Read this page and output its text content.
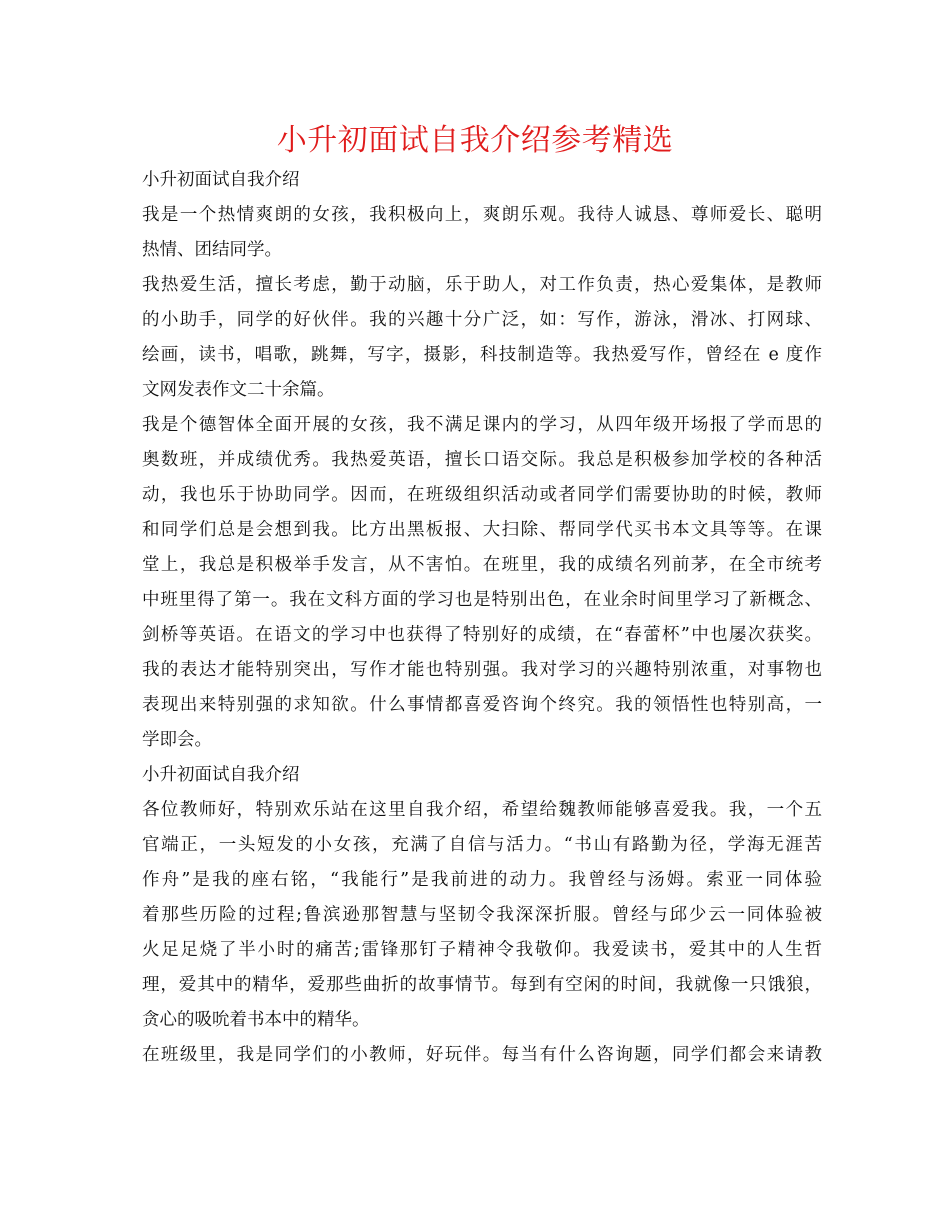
小升初面试自我介绍参考精选
小升初面试自我介绍
我是一个热情爽朗的女孩，我积极向上，爽朗乐观。我待人诚恳、尊师爱长、聪明
热情、团结同学。
我热爱生活，擅长考虑，勤于动脑，乐于助人，对工作负责，热心爱集体，是教师
的小助手，同学的好伙伴。我的兴趣十分广泛，如：写作，游泳，滑冰、打网球、
绘画，读书，唱歌，跳舞，写字，摄影，科技制造等。我热爱写作，曾经在 e 度作
文网发表作文二十余篇。
我是个德智体全面开展的女孩，我不满足课内的学习，从四年级开场报了学而思的
奥数班，并成绩优秀。我热爱英语，擅长口语交际。我总是积极参加学校的各种活
动，我也乐于协助同学。因而，在班级组织活动或者同学们需要协助的时候，教师
和同学们总是会想到我。比方出黑板报、大扫除、帮同学代买书本文具等等。在课
堂上，我总是积极举手发言，从不害怕。在班里，我的成绩名列前茅，在全市统考
中班里得了第一。我在文科方面的学习也是特别出色，在业余时间里学习了新概念、
剑桥等英语。在语文的学习中也获得了特别好的成绩，在“春蕾杯”中也屡次获奖。
我的表达才能特别突出，写作才能也特别强。我对学习的兴趣特别浓重，对事物也
表现出来特别强的求知欲。什么事情都喜爱咨询个终究。我的领悟性也特别高，一
学即会。
小升初面试自我介绍
各位教师好，特别欢乐站在这里自我介绍，希望给魏教师能够喜爱我。我，一个五
官端正，一头短发的小女孩，充满了自信与活力。“书山有路勤为径，学海无涯苦
作舟”是我的座右铭，“我能行”是我前进的动力。我曾经与汤姆。索亚一同体验
着那些历险的过程;鲁滨逊那智慧与坚韧令我深深折服。曾经与邱少云一同体验被
火足足烧了半小时的痛苦;雷锋那钉子精神令我敬仰。我爱读书，爱其中的人生哲
理，爱其中的精华，爱那些曲折的故事情节。每到有空闲的时间，我就像一只饿狼，
贪心的吸吮着书本中的精华。
在班级里，我是同学们的小教师，好玩伴。每当有什么咨询题，同学们都会来请教
